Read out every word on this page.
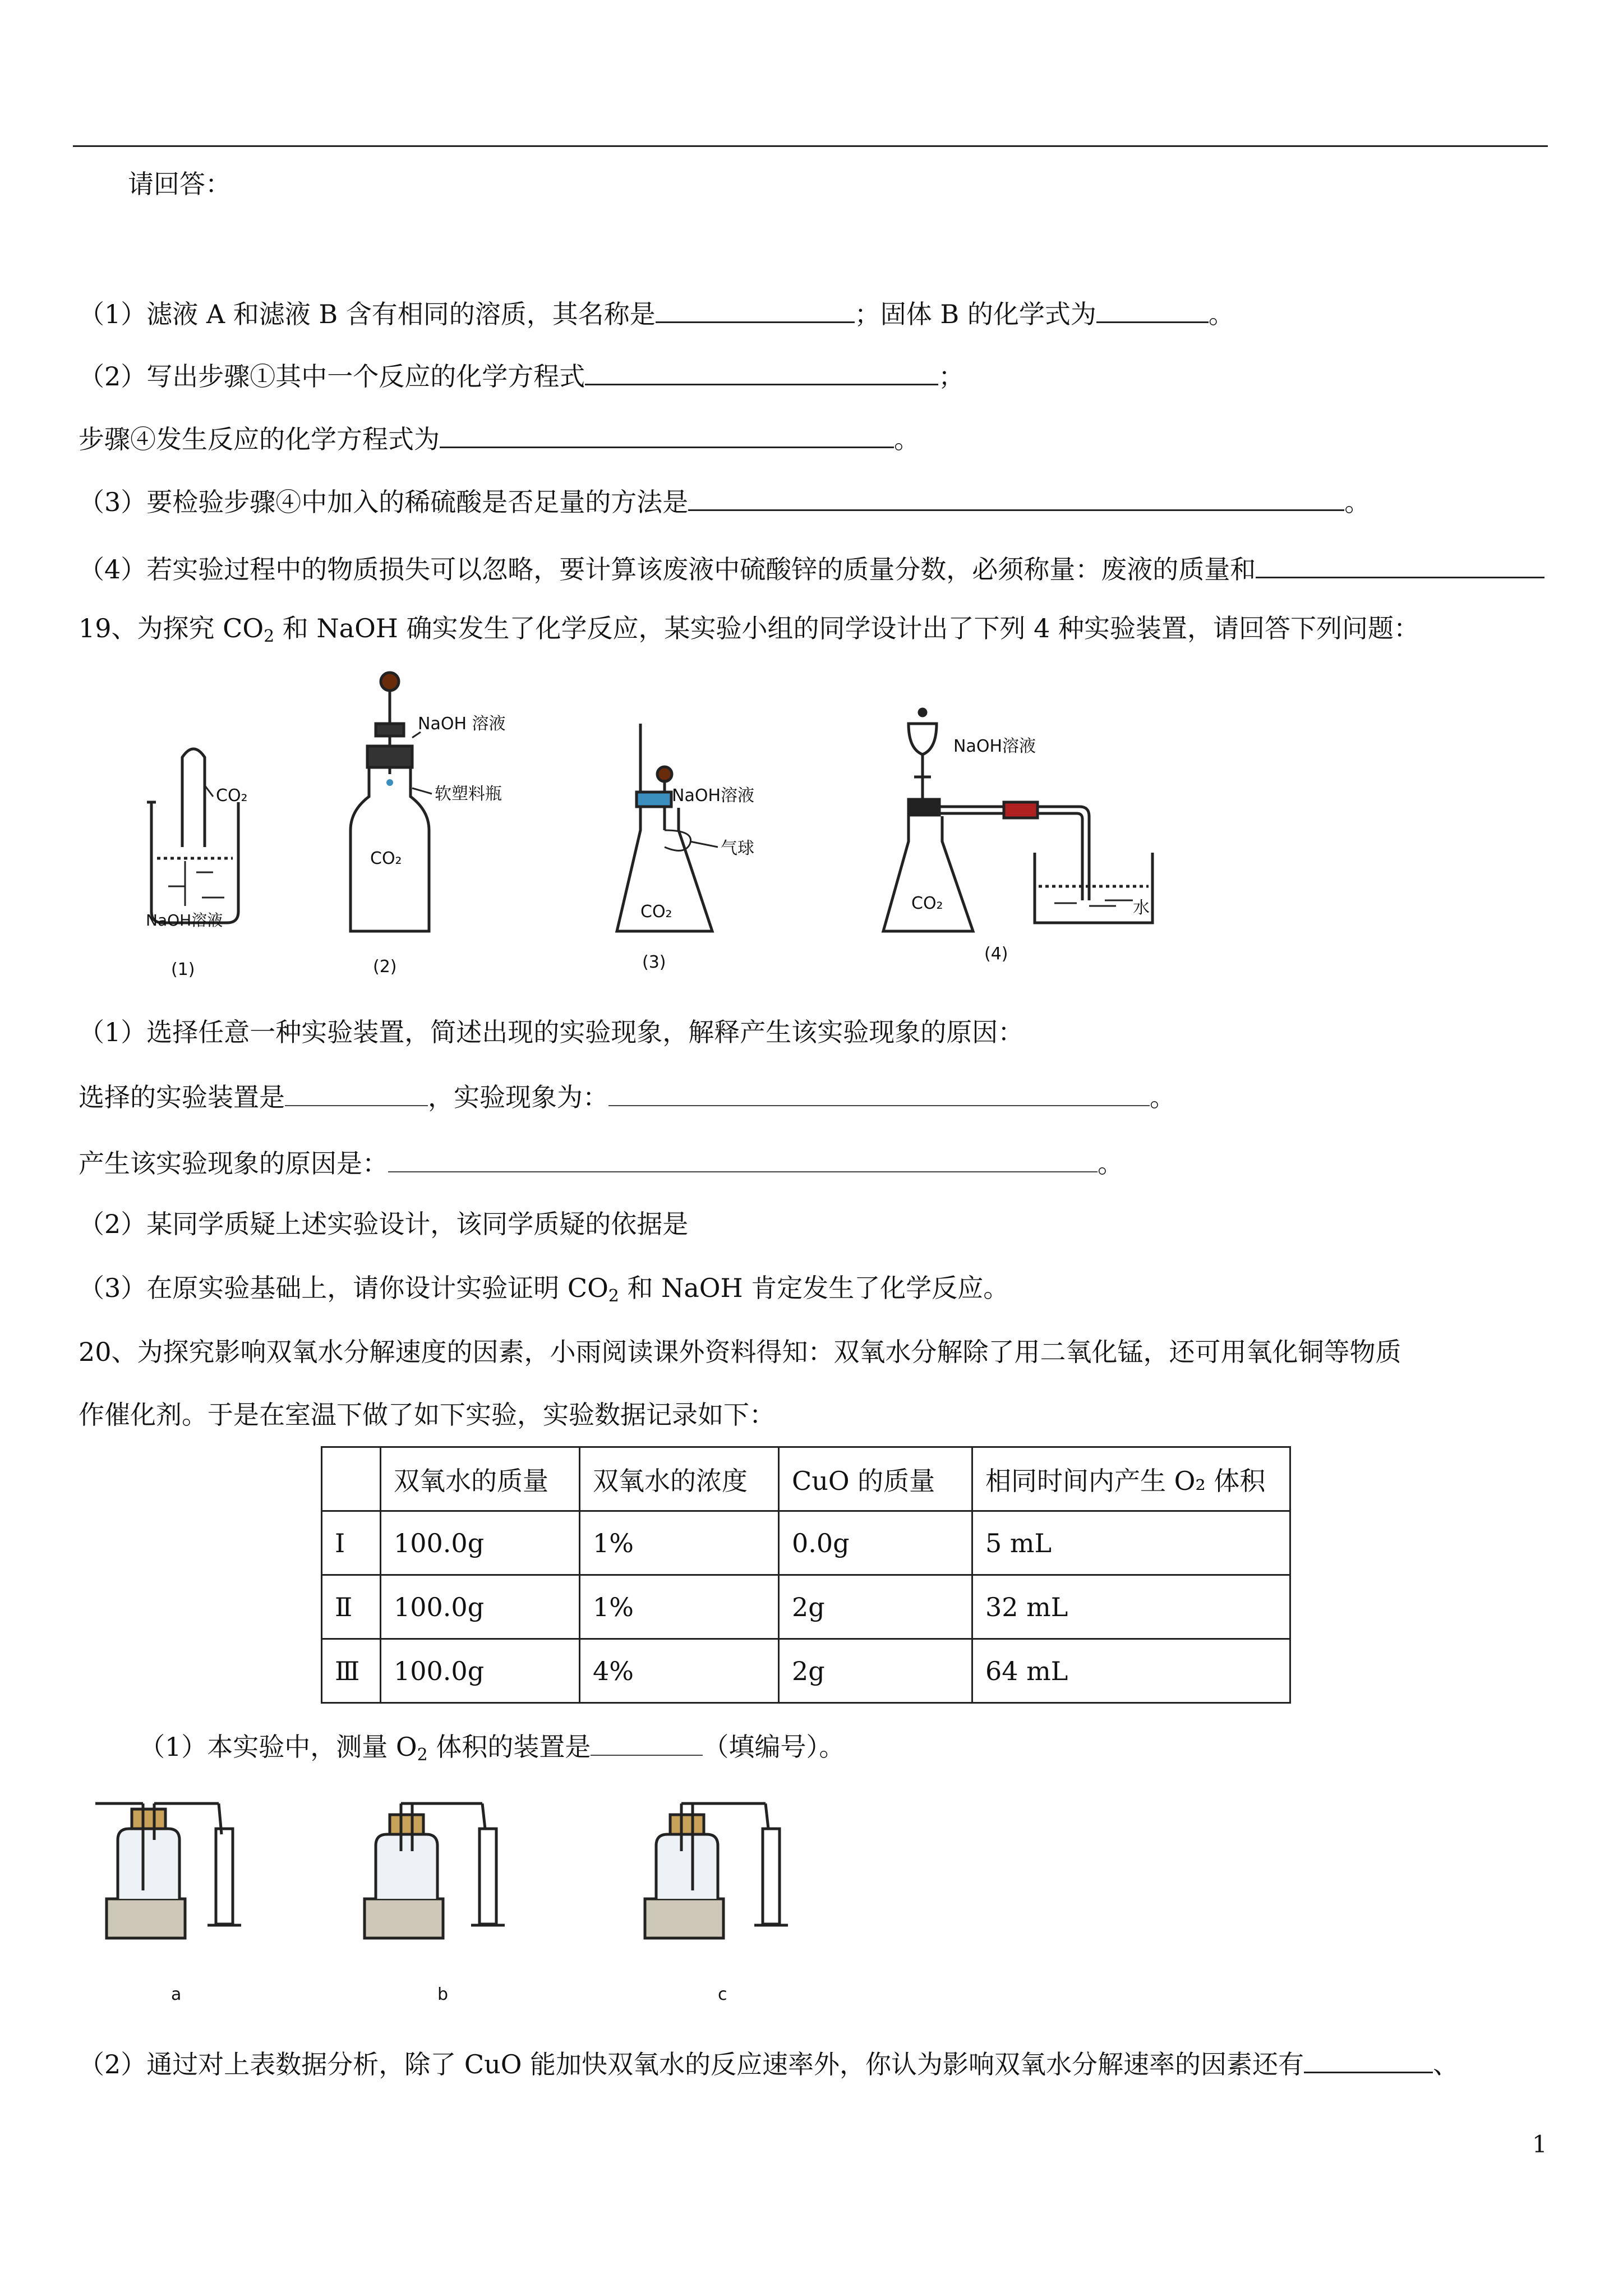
请回答：
（1）滤液 A 和滤液 B 含有相同的溶质，其名称是	；固体 B 的化学式为	。
（2）写出步骤①其中一个反应的化学方程式	；
步骤④发生反应的化学方程式为	。
（3）要检验步骤④中加入的稀硫酸是否足量的方法是	。
（4）若实验过程中的物质损失可以忽略，要计算该废液中硫酸锌的质量分数，必须称量：废液的质量和
19、为探究 $CO_2$ 和 NaOH 确实发生了化学反应，某实验小组的同学设计出了下列 4 种实验装置，请回答下列问题：
CO₂
NaOH溶液
(1)
NaOH 溶液
软塑料瓶
CO₂
(2)
NaOH溶液
气球
CO₂
(3)
NaOH溶液
CO₂	水
(4)
（1）选择任意一种实验装置，简述出现的实验现象，解释产生该实验现象的原因：
选择的实验装置是	，实验现象为：	。
产生该实验现象的原因是：	。
（2）某同学质疑上述实验设计，该同学质疑的依据是
（3）在原实验基础上，请你设计实验证明 $CO_2$ 和 NaOH 肯定发生了化学反应。
20、为探究影响双氧水分解速度的因素，小雨阅读课外资料得知：双氧水分解除了用二氧化锰，还可用氧化铜等物质
作催化剂。于是在室温下做了如下实验，实验数据记录如下：
	双氧水的质量	双氧水的浓度	CuO 的质量	相同时间内产生 O₂ 体积
Ⅰ	100.0g	1%	0.0g	5 mL
Ⅱ	100.0g	1%	2g	32 mL
Ⅲ	100.0g	4%	2g	64 mL
（1）本实验中，测量 $O_2$ 体积的装置是	（填编号）。
a	b	c
（2）通过对上表数据分析，除了 CuO 能加快双氧水的反应速率外，你认为影响双氧水分解速率的因素还有	、
1
